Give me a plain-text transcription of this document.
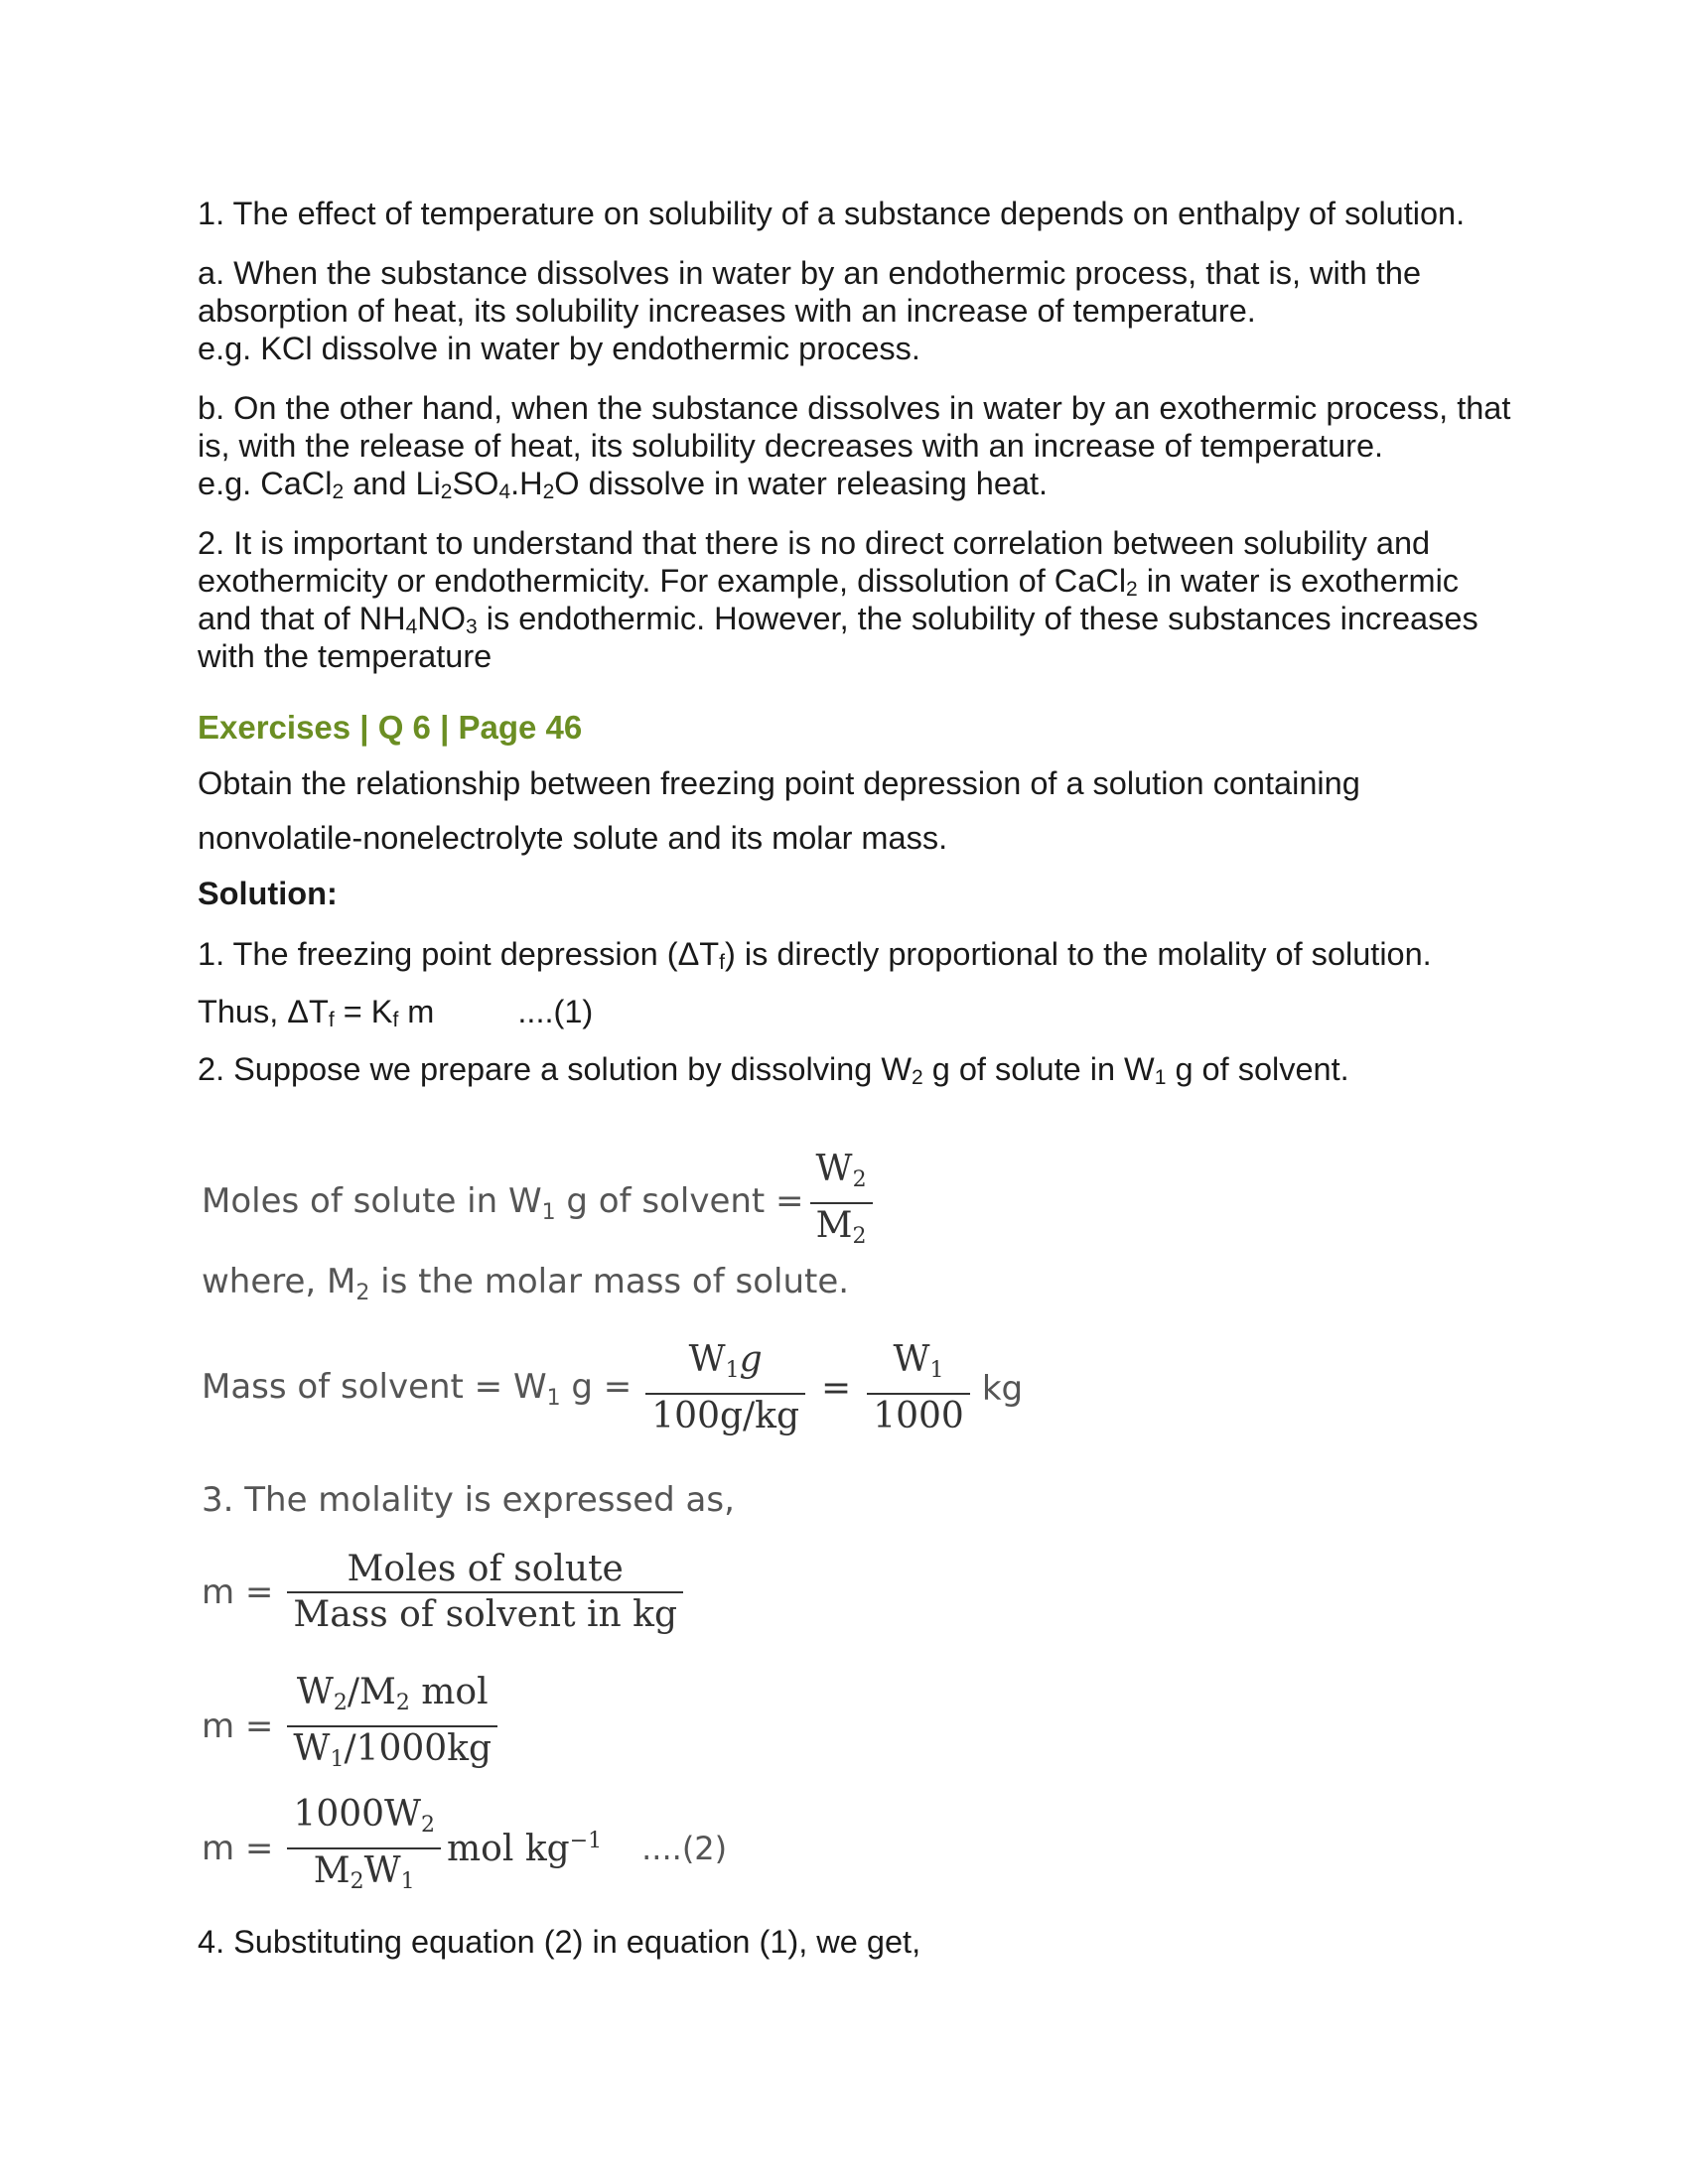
1. The effect of temperature on solubility of a substance depends on enthalpy of solution.

a. When the substance dissolves in water by an endothermic process, that is, with the absorption of heat, its solubility increases with an increase of temperature.

e.g. KCl dissolve in water by endothermic process.

b. On the other hand, when the substance dissolves in water by an exothermic process, that is, with the release of heat, its solubility decreases with an increase of temperature.

e.g. CaCl$_2$ and $Li_2SO_4.H_2O$ dissolve in water releasing heat.

2. It is important to understand that there is no direct correlation between solubility and exothermicity or endothermicity. For example, dissolution of CaCl$_2$ in water is exothermic and that of $NH_4NO_3$ is endothermic. However, the solubility of these substances increases with the temperature

Exercises | Q 6 | Page 46

Obtain the relationship between freezing point depression of a solution containing nonvolatile-nonelectrolyte solute and its molar mass.

Solution:

1. The freezing point depression $(\Delta T_f)$ is directly proportional to the molality of solution.

Thus, $\Delta T_f = K_f$ m	....(1)

2. Suppose we prepare a solution by dissolving $W_2$ g of solute in $W_1$ g of solvent.

Moles of solute in $W_1$ g of solvent = $\frac{W_2}{M_2}$
where, $M_2$ is the molar mass of solute.
Mass of solvent = $W_1$ $g = \frac{W_1g}{100g/kg} = \frac{W_1}{1000}$ kg
3. The molality is expressed as,
$m = \frac{\text{Moles of solute}}{\text{Mass of solvent in kg}}$
$m = \frac{W_2/M_2 mol}{W_1/1000kg}$
$m = \frac{1000W_2}{M_2W_1}$ mol $kg^{-1}$ ....(2)

4. Substituting equation (2) in equation (1), we get,
